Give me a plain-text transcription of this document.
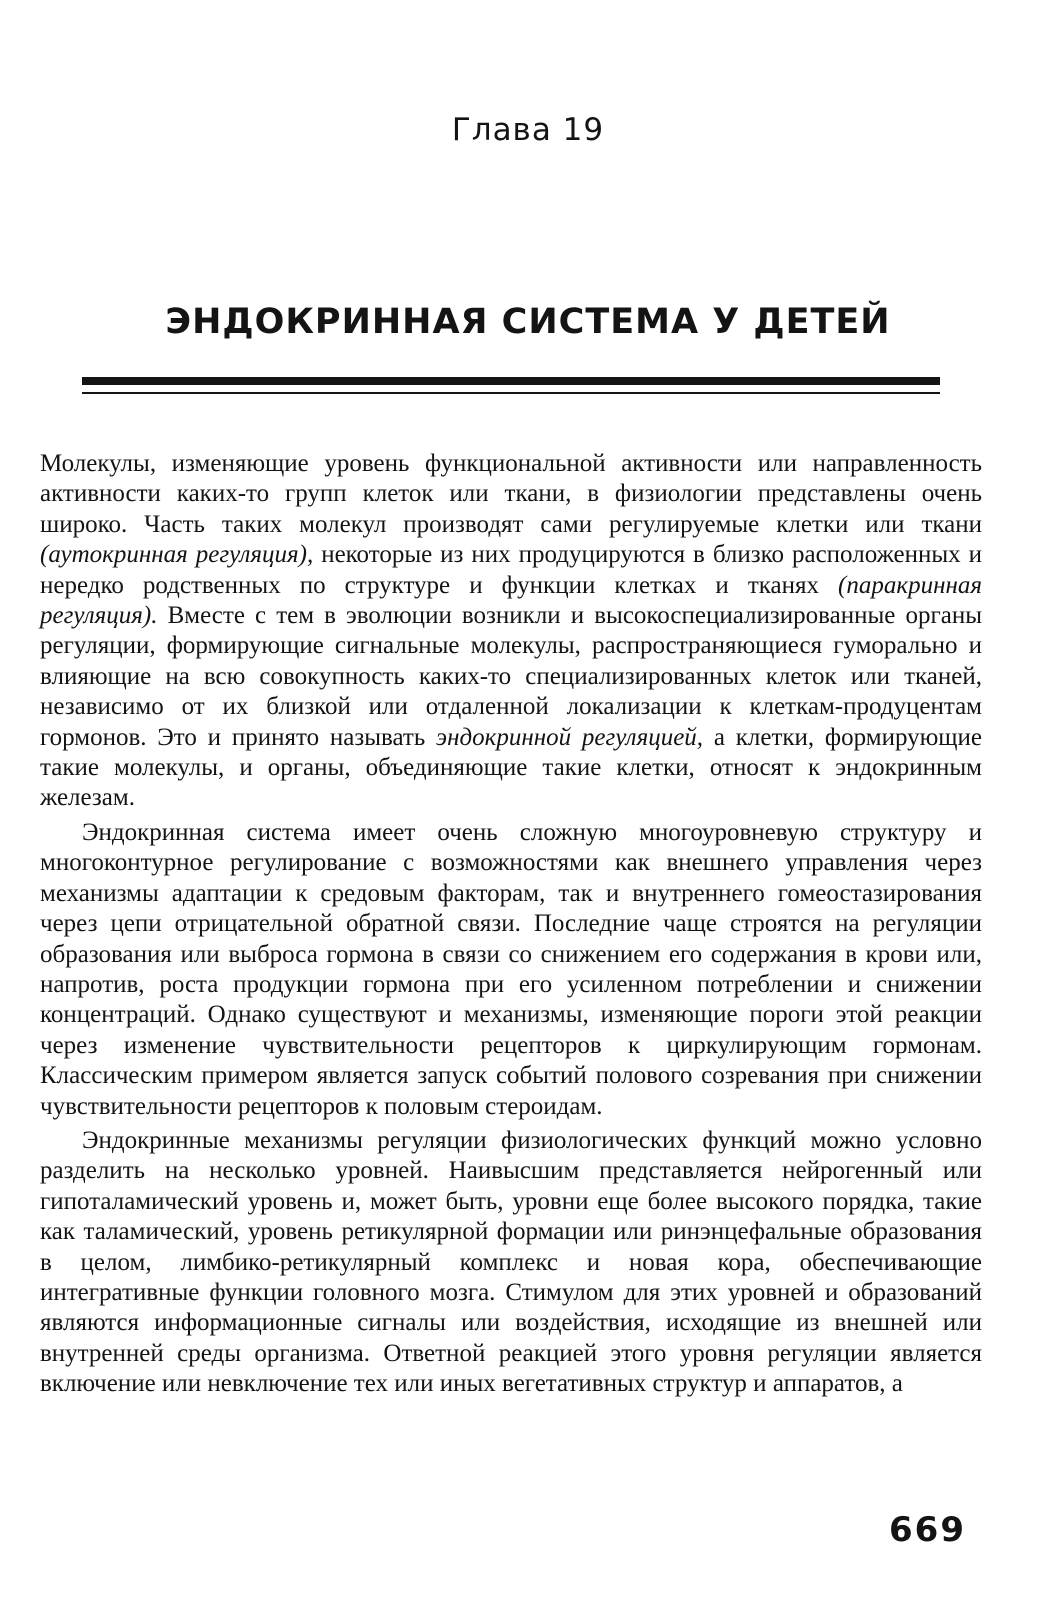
Глава 19
ЭНДОКРИННАЯ СИСТЕМА У ДЕТЕЙ

Молекулы, изменяющие уровень функциональной активности или направленность активности каких-то групп клеток или ткани, в физиологии представлены очень широко. Часть таких молекул производят сами регулируемые клетки или ткани (аутокринная регуляция), некоторые из них продуцируются в близко расположенных и нередко родственных по структуре и функции клетках и тканях (паракринная регуляция). Вместе с тем в эволюции возникли и высокоспециализированные органы регуляции, формирующие сигнальные молекулы, распространяющиеся гуморально и влияющие на всю совокупность каких-то специализированных клеток или тканей, независимо от их близкой или отдаленной локализации к клеткам-продуцентам гормонов. Это и принято называть эндокринной регуляцией, а клетки, формирующие такие молекулы, и органы, объединяющие такие клетки, относят к эндокринным железам.

Эндокринная система имеет очень сложную многоуровневую структуру и многоконтурное регулирование с возможностями как внешнего управления через механизмы адаптации к средовым факторам, так и внутреннего гомеостазирования через цепи отрицательной обратной связи. Последние чаще строятся на регуляции образования или выброса гормона в связи со снижением его содержания в крови или, напротив, роста продукции гормона при его усиленном потреблении и снижении концентраций. Однако существуют и механизмы, изменяющие пороги этой реакции через изменение чувствительности рецепторов к циркулирующим гормонам. Классическим примером является запуск событий полового созревания при снижении чувствительности рецепторов к половым стероидам.

Эндокринные механизмы регуляции физиологических функций можно условно разделить на несколько уровней. Наивысшим представляется нейрогенный или гипоталамический уровень и, может быть, уровни еще более высокого порядка, такие как таламический, уровень ретикулярной формации или ринэнцефальные образования в целом, лимбико-ретикулярный комплекс и новая кора, обеспечивающие интегративные функции головного мозга. Стимулом для этих уровней и образований являются информационные сигналы или воздействия, исходящие из внешней или внутренней среды организма. Ответной реакцией этого уровня регуляции является включение или невключение тех или иных вегетативных структур и аппаратов, а

669
